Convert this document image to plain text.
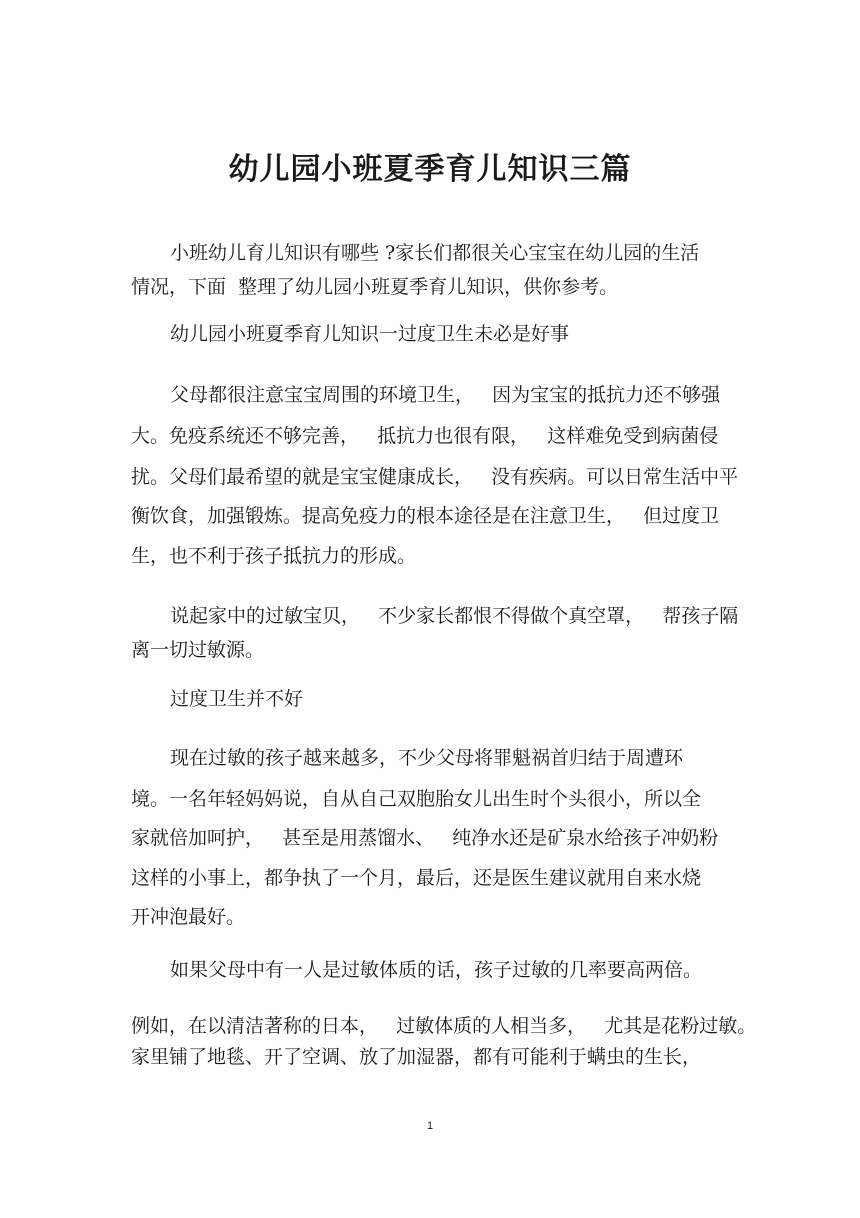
幼儿园小班夏季育儿知识三篇
小班幼儿育儿知识有哪些 ?家长们都很关心宝宝在幼儿园的生活
情况，下面  整理了幼儿园小班夏季育儿知识，供你参考。
幼儿园小班夏季育儿知识一过度卫生未必是好事
父母都很注意宝宝周围的环境卫生，   因为宝宝的抵抗力还不够强
大。免疫系统还不够完善，   抵抗力也很有限，   这样难免受到病菌侵
扰。父母们最希望的就是宝宝健康成长，   没有疾病。可以日常生活中平
衡饮食，加强锻炼。提高免疫力的根本途径是在注意卫生，   但过度卫
生，也不利于孩子抵抗力的形成。
说起家中的过敏宝贝，   不少家长都恨不得做个真空罩，   帮孩子隔
离一切过敏源。
过度卫生并不好
现在过敏的孩子越来越多，不少父母将罪魁祸首归结于周遭环
境。一名年轻妈妈说，自从自己双胞胎女儿出生时个头很小，所以全
家就倍加呵护，   甚至是用蒸馏水、   纯净水还是矿泉水给孩子冲奶粉
这样的小事上，都争执了一个月，最后，还是医生建议就用自来水烧
开冲泡最好。
如果父母中有一人是过敏体质的话，孩子过敏的几率要高两倍。
例如，在以清洁著称的日本，   过敏体质的人相当多，   尤其是花粉过敏。
家里铺了地毯、开了空调、放了加湿器，都有可能利于螨虫的生长，
1
